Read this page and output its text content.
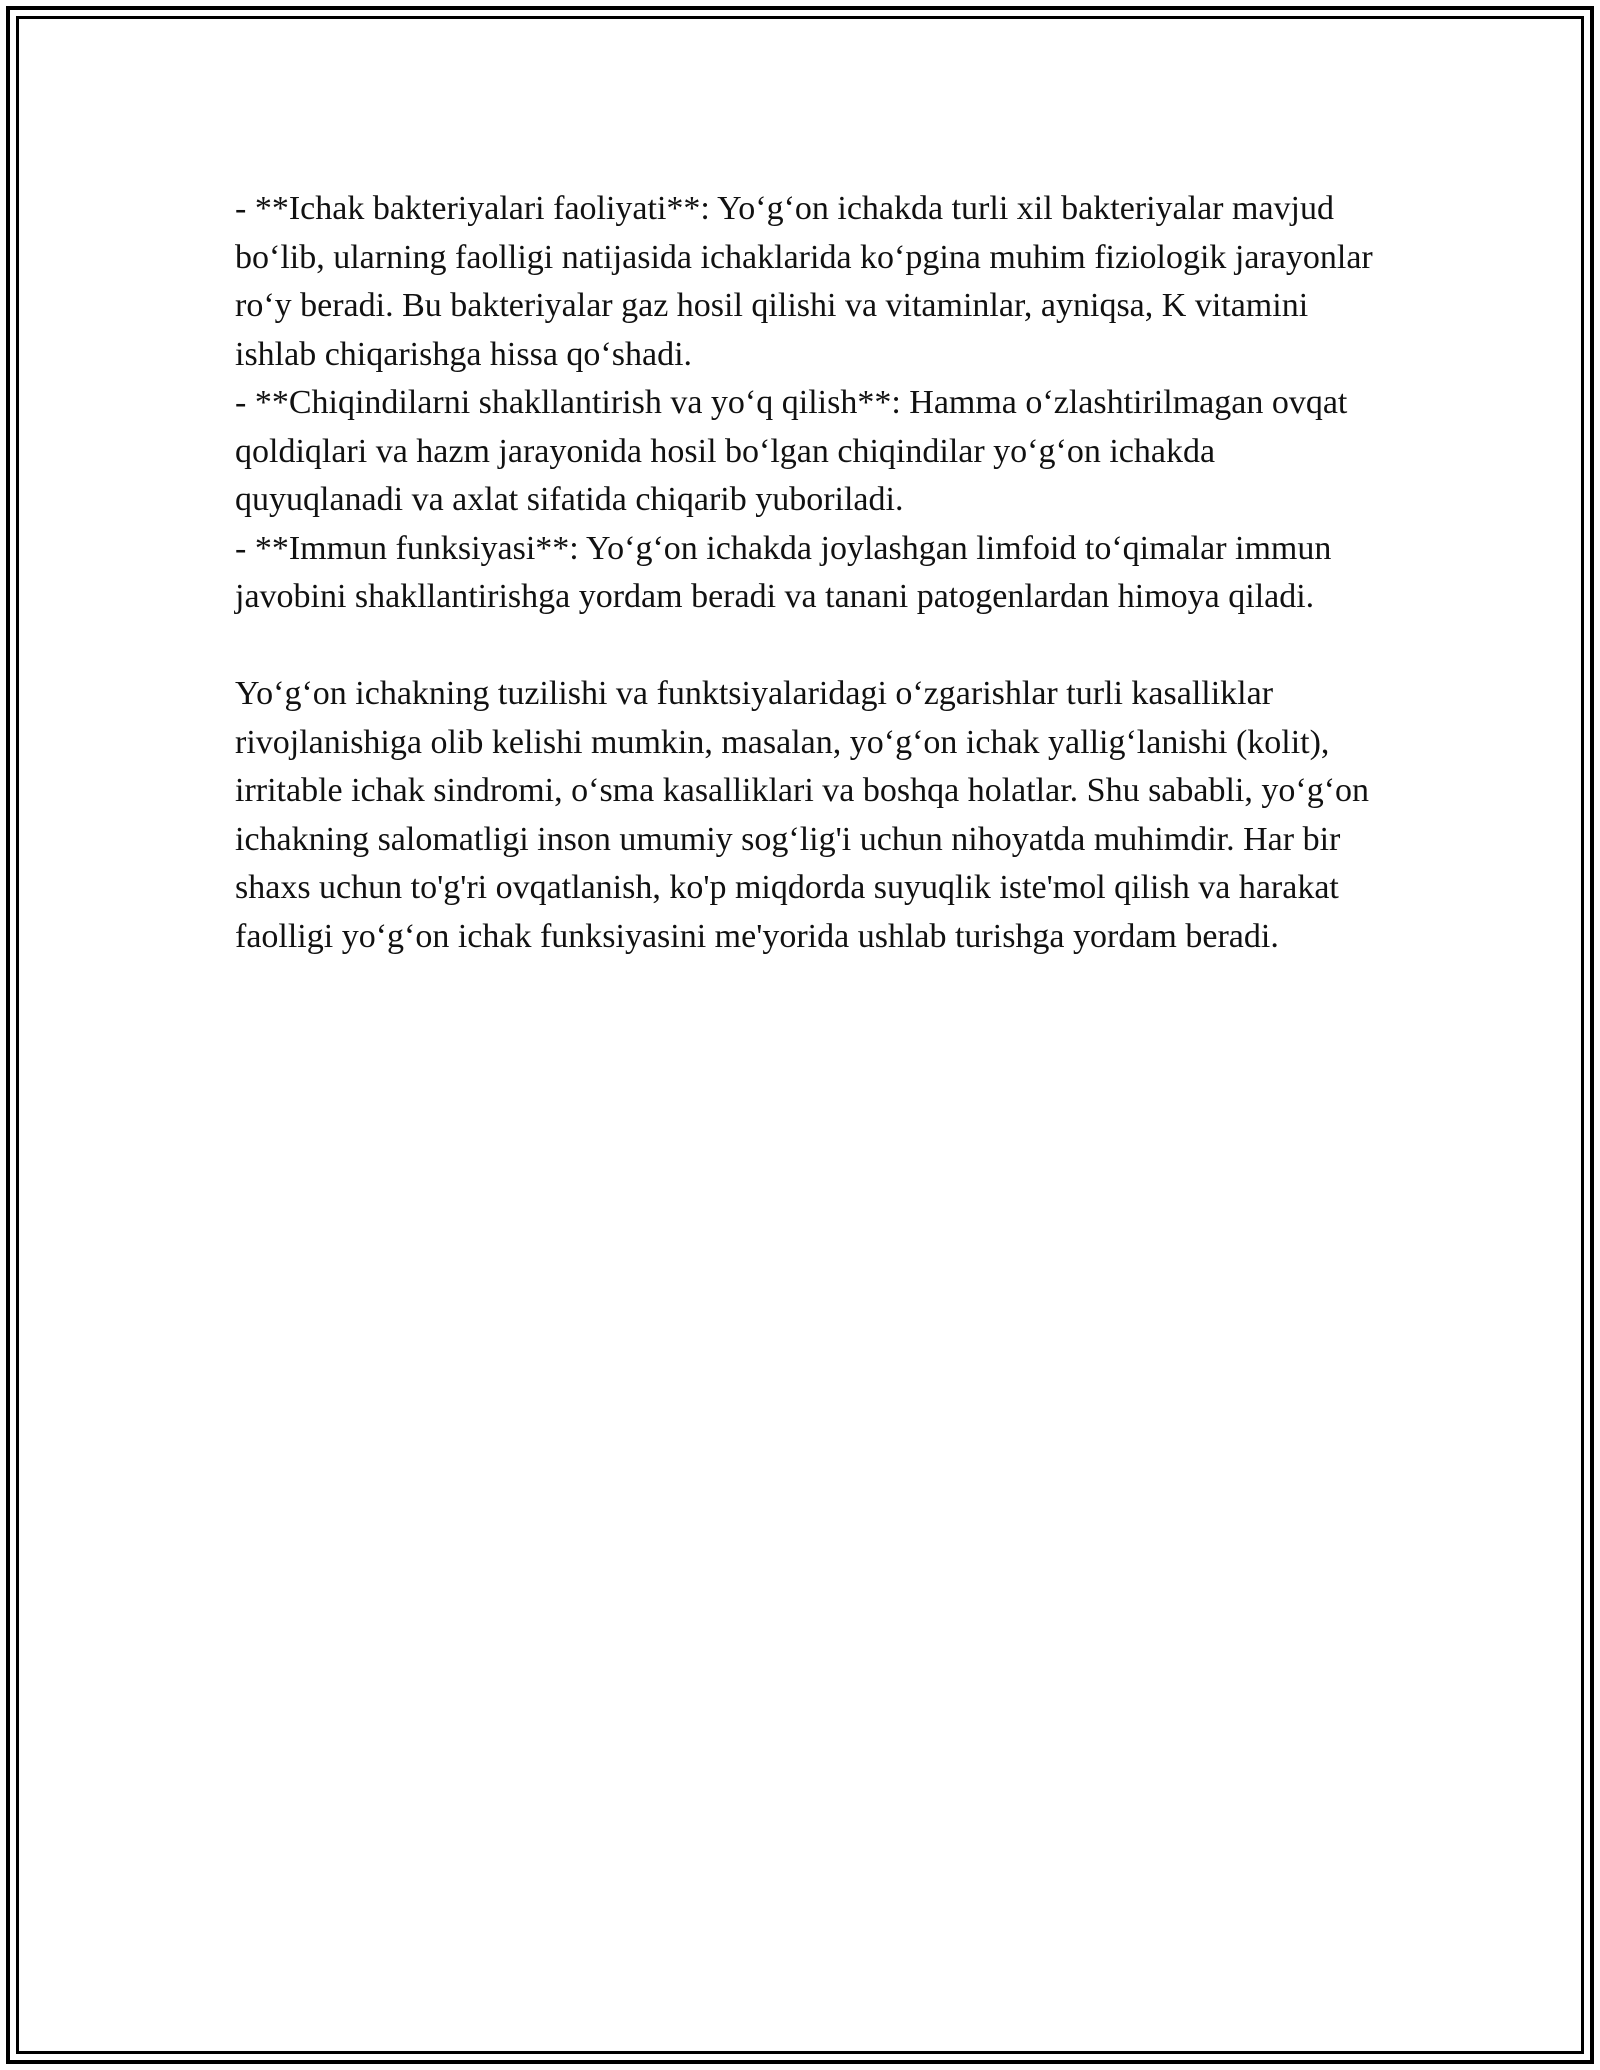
- **Ichak bakteriyalari faoliyati**: Yo‘g‘on ichakda turli xil bakteriyalar mavjud bo‘lib, ularning faolligi natijasida ichaklarida ko‘pgina muhim fiziologik jarayonlar ro‘y beradi. Bu bakteriyalar gaz hosil qilishi va vitaminlar, ayniqsa, K vitamini ishlab chiqarishga hissa qo‘shadi.

- **Chiqindilarni shakllantirish va yo‘q qilish**: Hamma o‘zlashtirilmagan ovqat qoldiqlari va hazm jarayonida hosil bo‘lgan chiqindilar yo‘g‘on ichakda quyuqlanadi va axlat sifatida chiqarib yuboriladi.

- **Immun funksiyasi**: Yo‘g‘on ichakda joylashgan limfoid to‘qimalar immun javobini shakllantirishga yordam beradi va tanani patogenlardan himoya qiladi.

Yo‘g‘on ichakning tuzilishi va funktsiyalaridagi o‘zgarishlar turli kasalliklar rivojlanishiga olib kelishi mumkin, masalan, yo‘g‘on ichak yallig‘lanishi (kolit), irritable ichak sindromi, o‘sma kasalliklari va boshqa holatlar. Shu sababli, yo‘g‘on ichakning salomatligi inson umumiy sog‘lig'i uchun nihoyatda muhimdir. Har bir shaxs uchun to'g'ri ovqatlanish, ko'p miqdorda suyuqlik iste'mol qilish va harakat faolligi yo‘g‘on ichak funksiyasini me'yorida ushlab turishga yordam beradi.
